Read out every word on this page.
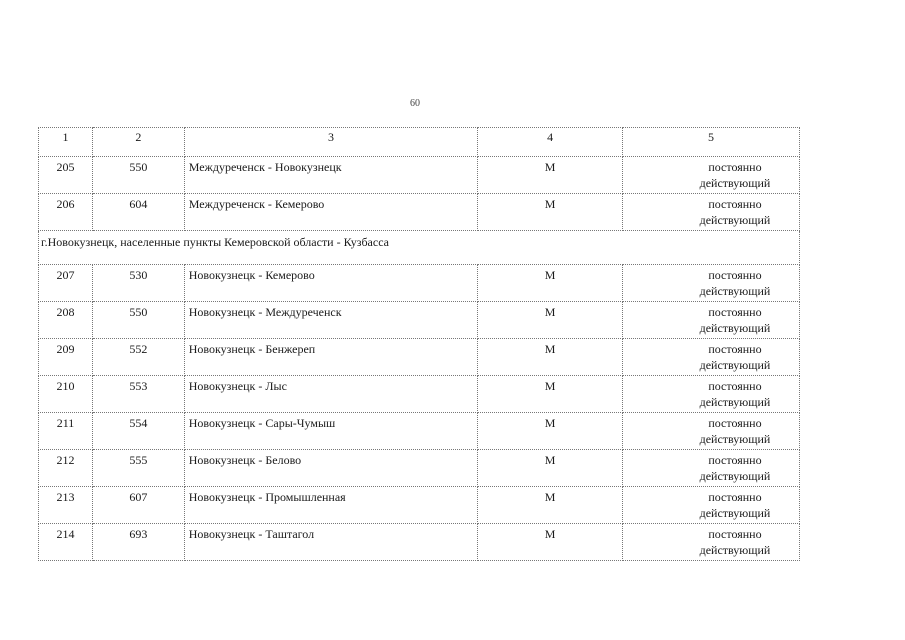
60
1	2	3	4	5
205	550	Междуреченск - Новокузнецк	М	постоянно
действующий

206	604	Междуреченск - Кемерово	М	постоянно
действующий

г.Новокузнецк, населенные пункты Кемеровской области - Кузбасса				
207	530	Новокузнецк - Кемерово	М	постоянно
действующий

208	550	Новокузнецк - Междуреченск	М	постоянно
действующий

209	552	Новокузнецк - Бенжереп	М	постоянно
действующий

210	553	Новокузнецк - Лыс	М	постоянно
действующий

211	554	Новокузнецк - Сары-Чумыш	М	постоянно
действующий

212	555	Новокузнецк - Белово	М	постоянно
действующий

213	607	Новокузнецк - Промышленная	М	постоянно
действующий

214	693	Новокузнецк - Таштагол	М	постоянно
действующий
